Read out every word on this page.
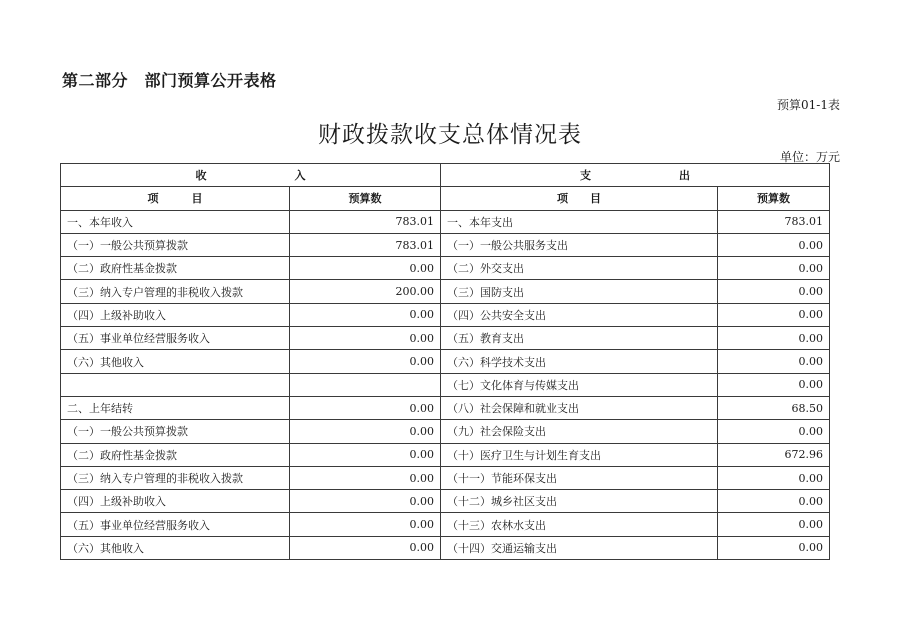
第二部分　部门预算公开表格
预算01-1表
财政拨款收支总体情况表
单位：万元
收　　　　　　　　入		支　　　　　　　　出	
项　　　目	预算数	项　　目	预算数
一、本年收入	783.01	一、本年支出	783.01
（一）一般公共预算拨款	783.01	（一）一般公共服务支出	0.00
（二）政府性基金拨款	0.00	（二）外交支出	0.00
（三）纳入专户管理的非税收入拨款	200.00	（三）国防支出	0.00
（四）上级补助收入	0.00	（四）公共安全支出	0.00
（五）事业单位经营服务收入	0.00	（五）教育支出	0.00
（六）其他收入	0.00	（六）科学技术支出	0.00
		（七）文化体育与传媒支出	0.00
二、上年结转	0.00	（八）社会保障和就业支出	68.50
（一）一般公共预算拨款	0.00	（九）社会保险支出	0.00
（二）政府性基金拨款	0.00	（十）医疗卫生与计划生育支出	672.96
（三）纳入专户管理的非税收入拨款	0.00	（十一）节能环保支出	0.00
（四）上级补助收入	0.00	（十二）城乡社区支出	0.00
（五）事业单位经营服务收入	0.00	（十三）农林水支出	0.00
（六）其他收入	0.00	（十四）交通运输支出	0.00
